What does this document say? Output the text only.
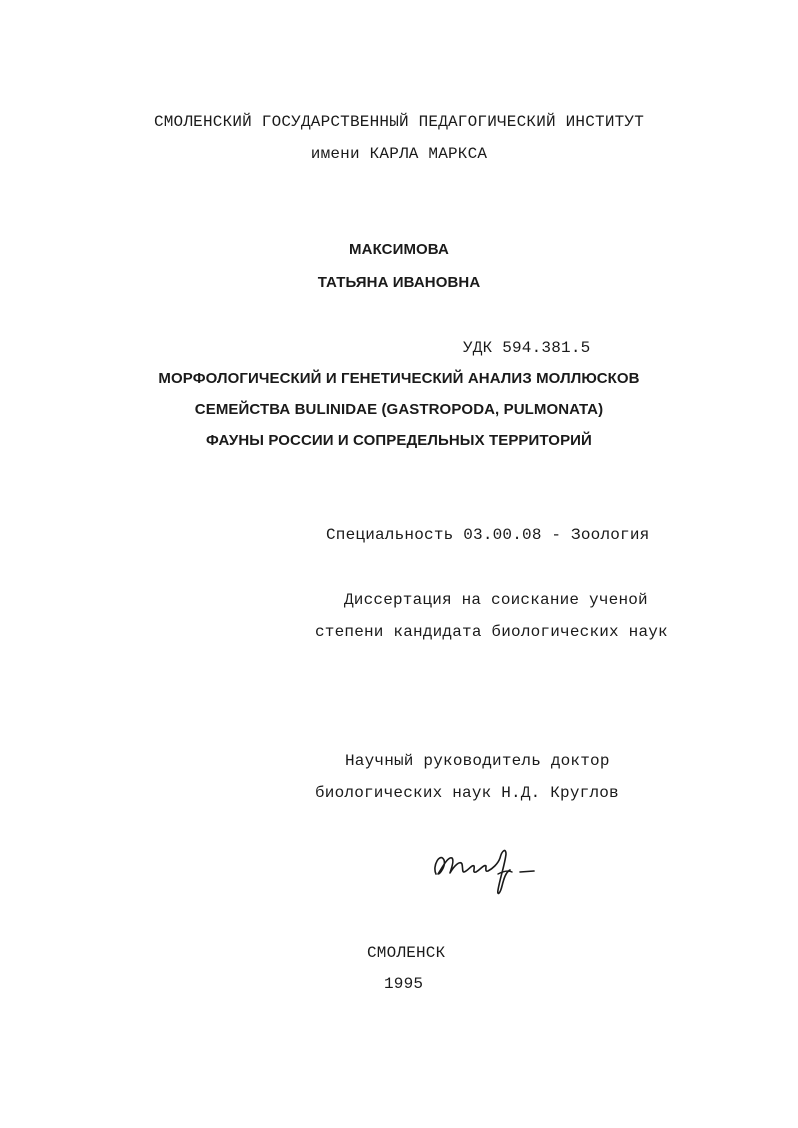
СМОЛЕНСКИЙ ГОСУДАРСТВЕННЫЙ ПЕДАГОГИЧЕСКИЙ ИНСТИТУТ
имени КАРЛА МАРКСА
МАКСИМОВА
ТАТЬЯНА ИВАНОВНА
УДК 594.381.5
МОРФОЛОГИЧЕСКИЙ И ГЕНЕТИЧЕСКИЙ АНАЛИЗ МОЛЛЮСКОВ
СЕМЕЙСТВА BULINIDAE (GASTROPODA, PULMONATA)
ФАУНЫ РОССИИ И СОПРЕДЕЛЬНЫХ ТЕРРИТОРИЙ
Специальность 03.00.08 - Зоология
Диссертация на соискание ученой
степени кандидата биологических наук
Научный руководитель доктор
биологических наук Н.Д. Круглов
СМОЛЕНСК
1995
